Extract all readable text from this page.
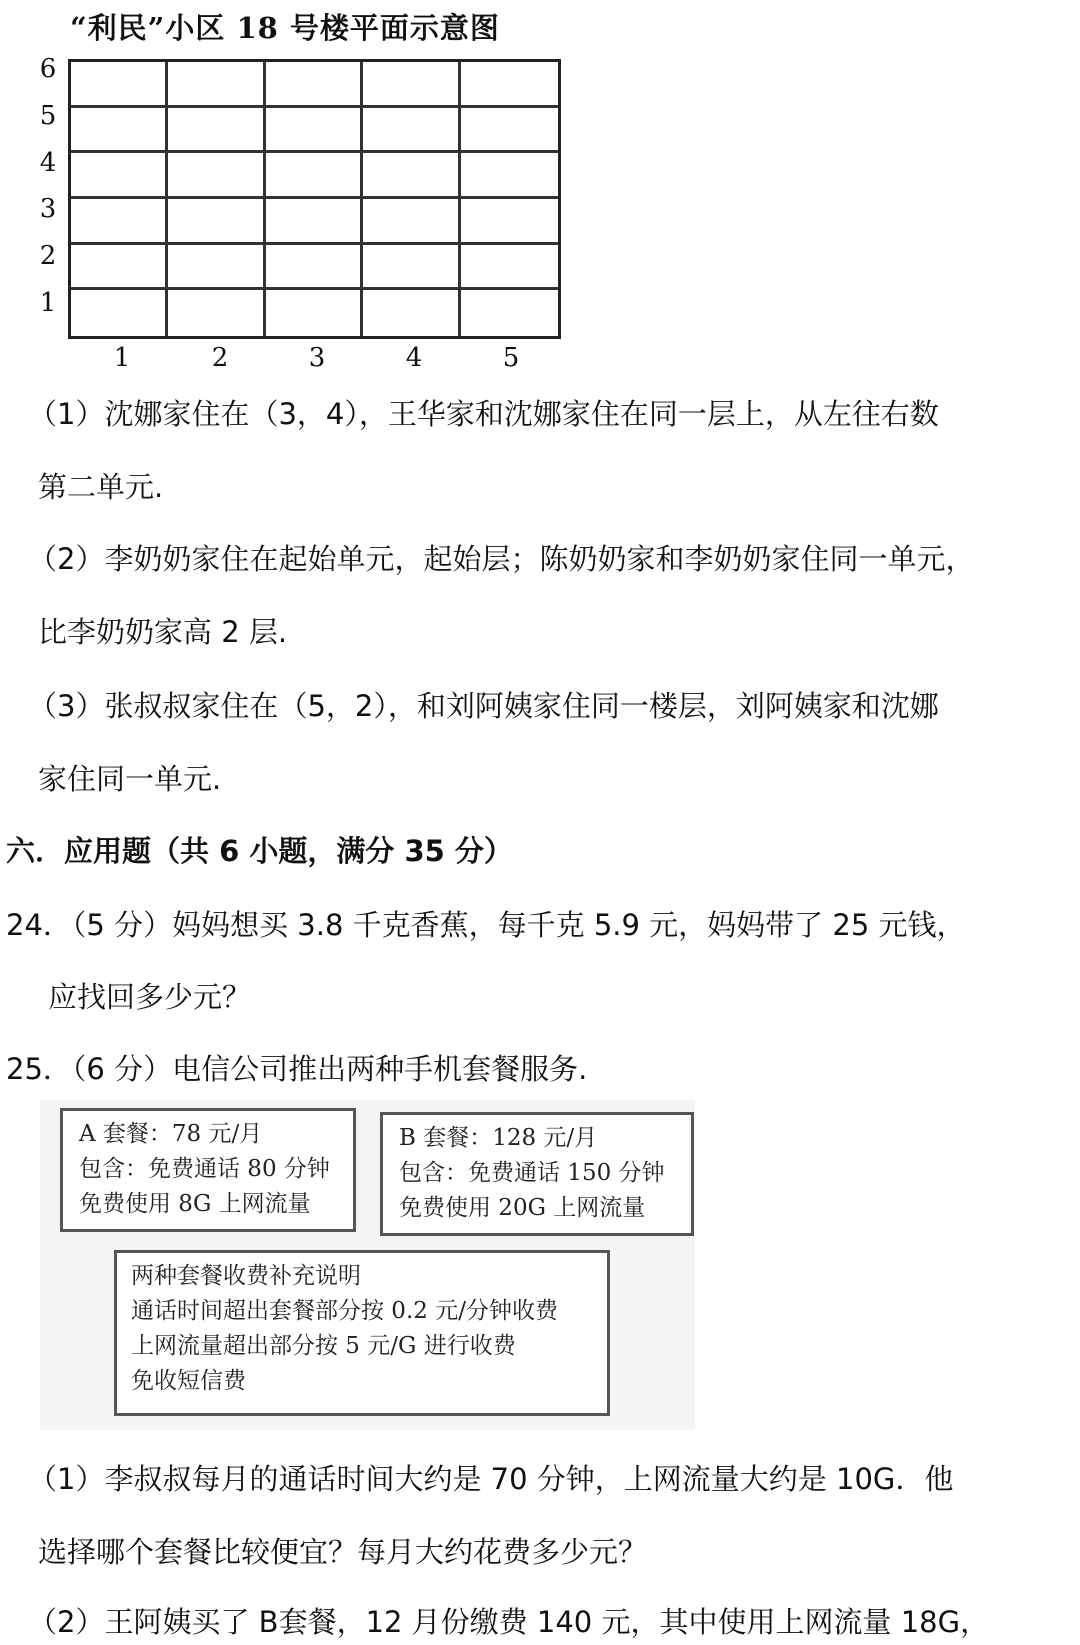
“利民”小区 18 号楼平面示意图
6
5
4
3
2
1
1	2	3	4	5
（1）沈娜家住在（3，4），王华家和沈娜家住在同一层上，从左往右数
第二单元.
（2）李奶奶家住在起始单元，起始层；陈奶奶家和李奶奶家住同一单元，
比李奶奶家高 2 层.
（3）张叔叔家住在（5，2），和刘阿姨家住同一楼层，刘阿姨家和沈娜
家住同一单元.
六．应用题（共 6 小题，满分 35 分）
24．（5 分）妈妈想买 3.8 千克香蕉，每千克 5.9 元，妈妈带了 25 元钱，
应找回多少元？
25．（6 分）电信公司推出两种手机套餐服务.
A 套餐：78 元/月
包含：免费通话 80 分钟
免费使用 8G 上网流量
B 套餐：128 元/月
包含：免费通话 150 分钟
免费使用 20G 上网流量
两种套餐收费补充说明
通话时间超出套餐部分按 0.2 元/分钟收费
上网流量超出部分按 5 元/G 进行收费
免收短信费
（1）李叔叔每月的通话时间大约是 70 分钟，上网流量大约是 10G．他
选择哪个套餐比较便宜？每月大约花费多少元？
（2）王阿姨买了 B套餐，12 月份缴费 140 元，其中使用上网流量 18G，
